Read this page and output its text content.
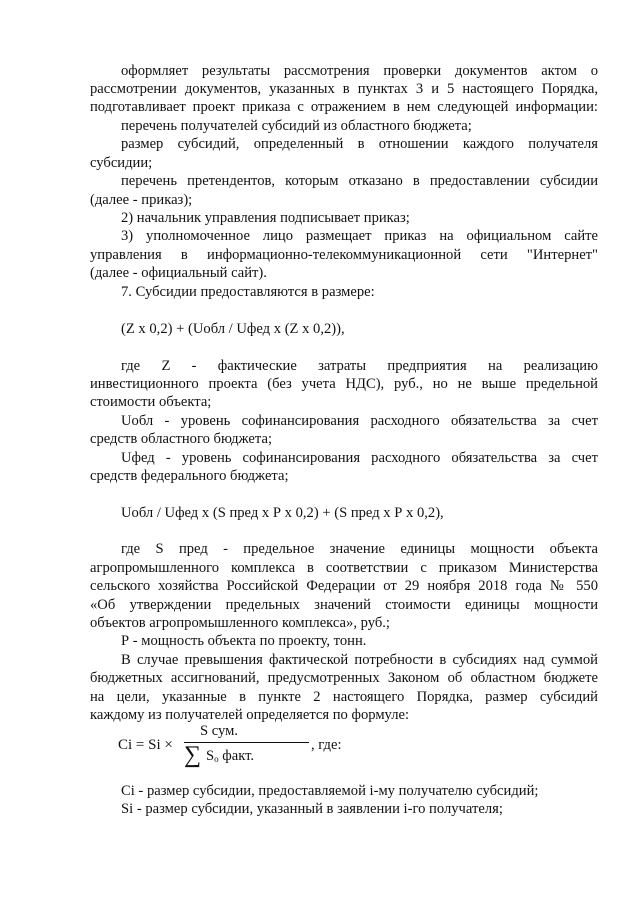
оформляет результаты рассмотрения проверки документов актом о
рассмотрении документов, указанных в пунктах 3 и 5 настоящего Порядка,
подготавливает проект приказа с отражением в нем следующей информации:
перечень получателей субсидий из областного бюджета;
размер субсидий, определенный в отношении каждого получателя
субсидии;
перечень претендентов, которым отказано в предоставлении субсидии
(далее - приказ);
2) начальник управления подписывает приказ;
3) уполномоченное лицо размещает приказ на официальном сайте
управления в информационно-телекоммуникационной сети "Интернет"
(далее - официальный сайт).
7. Субсидии предоставляются в размере:
(Z х 0,2) + (Uобл / Uфед х (Z х 0,2)),
где Z - фактические затраты предприятия на реализацию
инвестиционного проекта (без учета НДС), руб., но не выше предельной
стоимости объекта;
Uобл - уровень софинансирования расходного обязательства за счет
средств областного бюджета;
Uфед - уровень софинансирования расходного обязательства за счет
средств федерального бюджета;
Uобл / Uфед х (S пред х Р х 0,2) + (S пред х Р х 0,2),
где S пред - предельное значение единицы мощности объекта
агропромышленного комплекса в соответствии с приказом Министерства
сельского хозяйства Российской Федерации от 29 ноября 2018 года № 550
«Об утверждении предельных значений стоимости единицы мощности
объектов агропромышленного комплекса», руб.;
Р - мощность объекта по проекту, тонн.
В случае превышения фактической потребности в субсидиях над суммой
бюджетных ассигнований, предусмотренных Законом об областном бюджете
на цели, указанные в пункте 2 настоящего Порядка, размер субсидий
каждому из получателей определяется по формуле:
Ci = Si ×
S сум.
∑ Sо факт.
, где:
Ci - размер субсидии, предоставляемой i-му получателю субсидий;
Si - размер субсидии, указанный в заявлении i-го получателя;
